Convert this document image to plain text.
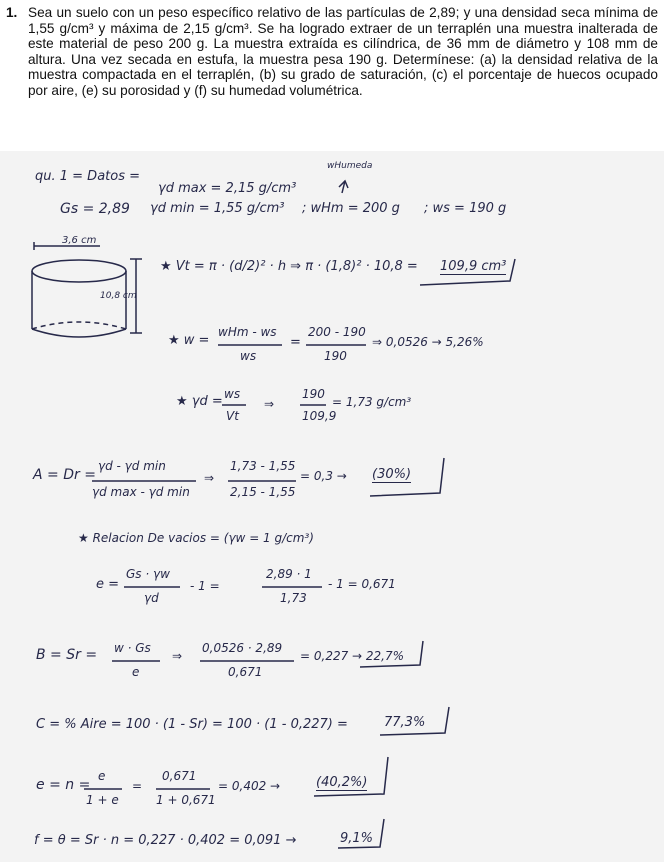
1. Sea un suelo con un peso específico relativo de las partículas de 2,89; y una densidad seca mínima de 1,55 g/cm³ y máxima de 2,15 g/cm³. Se ha logrado extraer de un terraplén una muestra inalterada de este material de peso 200 g. La muestra extraída es cilíndrica, de 36 mm de diámetro y 108 mm de altura. Una vez secada en estufa, la muestra pesa 190 g. Determínese: (a) la densidad relativa de la muestra compactada en el terraplén, (b) su grado de saturación, (c) el porcentaje de huecos ocupado por aire, (e) su porosidad y (f) su humedad volumétrica.
qu. 1 = Datos =
wHumeda
γd max = 2,15 g/cm³
Gs = 2,89 γd min = 1,55 g/cm³ ; wHm = 200 g ; ws = 190 g
3,6 cm
10,8 cm
★ Vt = π · (d/2)² · h ⇒ π · (1,8)² · 10,8 = 109,9 cm³
★ w =
wHm - ws
ws
=
200 - 190
190
⇒ 0,0526 → 5,26%
★ γd = ws
Vt
⇒
190
109,9
= 1,73 g/cm³
A = Dr =
γd - γd min
γd max - γd min
⇒
1,73 - 1,55
2,15 - 1,55
= 0,3 → (30%)
★ Relacion De vacios = (γw = 1 g/cm³)
e =
Gs · γw
γd
- 1 =
2,89 · 1
1,73
- 1 = 0,671
B = Sr = w · Gs
e
⇒
0,0526 · 2,89
0,671
= 0,227 → 22,7%
C = % Aire = 100 · (1 - Sr) = 100 · (1 - 0,227) =	77,3%
e = n =
e
1 + e
=
0,671
1 + 0,671
= 0,402 →	(40,2%)
f = θ = Sr · n = 0,227 · 0,402 = 0,091 →	9,1%
